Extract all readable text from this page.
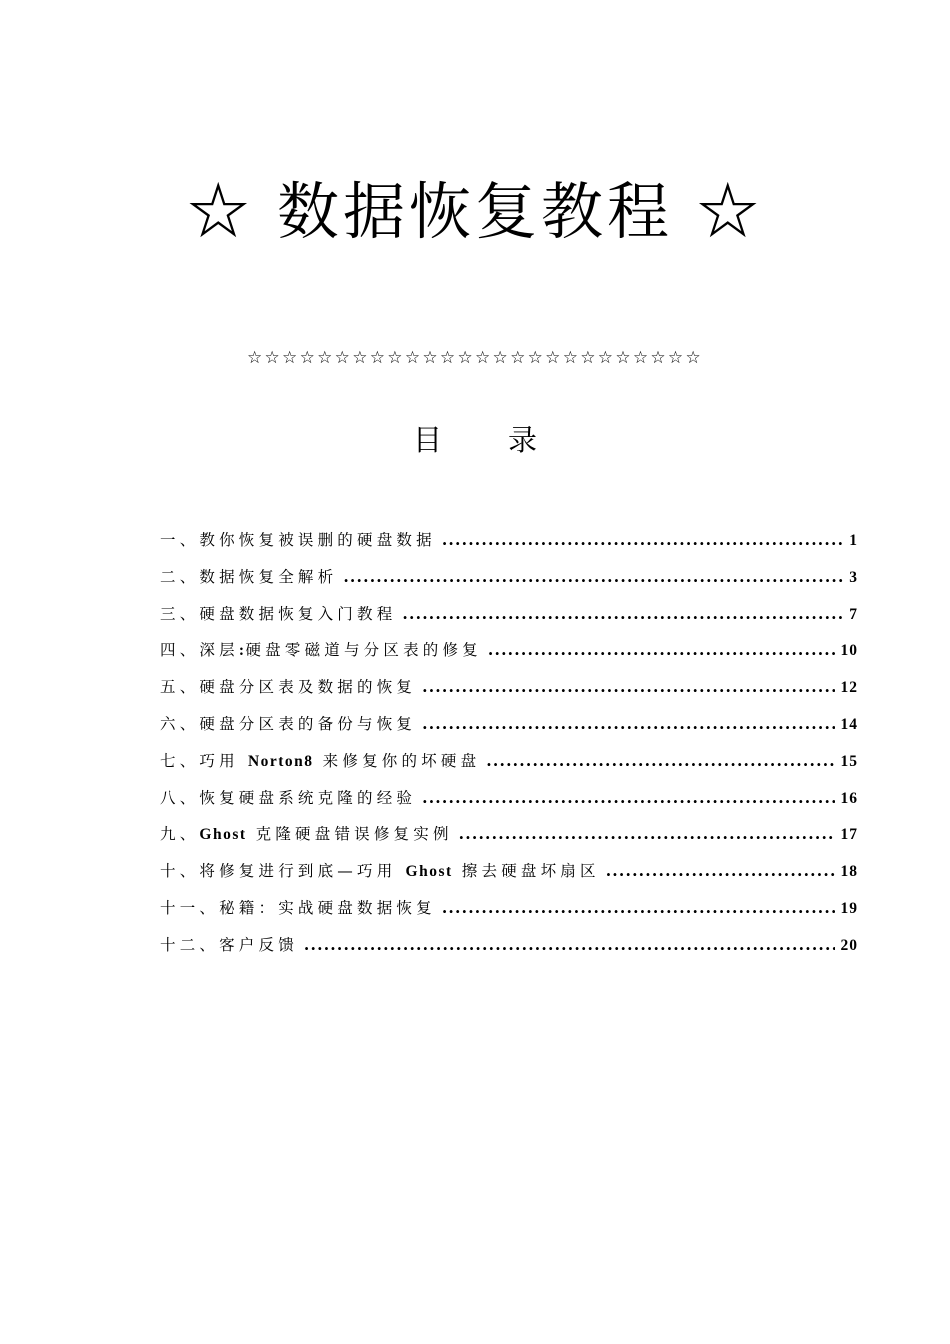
☆ 数据恢复教程 ☆
☆☆☆☆☆☆☆☆☆☆☆☆☆☆☆☆☆☆☆☆☆☆☆☆☆☆
目 录
一、教你恢复被误删的硬盘数据 .....	1
二、数据恢复全解析 .....	3
三、硬盘数据恢复入门教程 .....	7
四、深层:硬盘零磁道与分区表的修复 .....	10
五、硬盘分区表及数据的恢复 .....	12
六、硬盘分区表的备份与恢复 .....	14
七、巧用 Norton8 来修复你的坏硬盘 .....	15
八、恢复硬盘系统克隆的经验 .....	16
九、Ghost 克隆硬盘错误修复实例 .....	17
十、将修复进行到底—巧用 Ghost 擦去硬盘坏扇区 .....	18
十一、秘籍：实战硬盘数据恢复 .....	19
十二、客户反馈 .....	20
